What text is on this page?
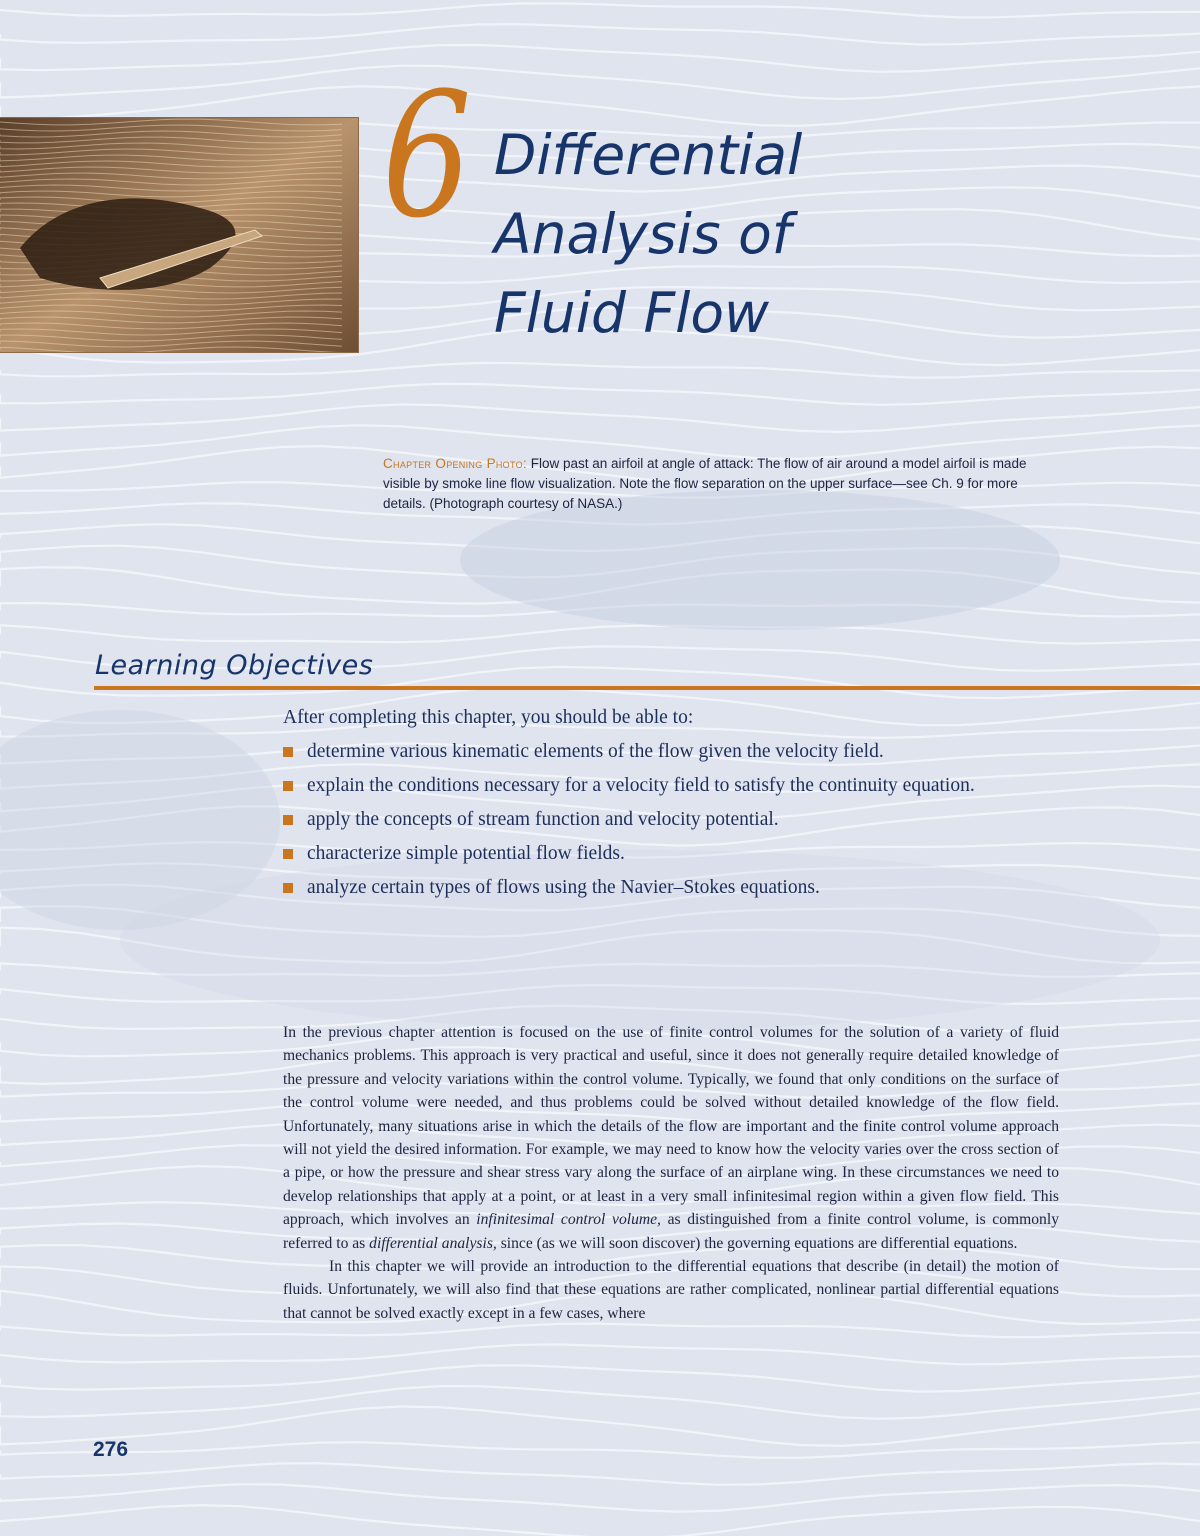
6 Differential
Analysis of
Fluid Flow
Chapter Opening Photo: Flow past an airfoil at angle of attack: The flow of air around a model airfoil is made visible by smoke line flow visualization. Note the flow separation on the upper surface—see Ch. 9 for more details. (Photograph courtesy of NASA.)
Learning Objectives
After completing this chapter, you should be able to:
determine various kinematic elements of the flow given the velocity field.
explain the conditions necessary for a velocity field to satisfy the continuity equation.
apply the concepts of stream function and velocity potential.
characterize simple potential flow fields.
analyze certain types of flows using the Navier–Stokes equations.

In the previous chapter attention is focused on the use of finite control volumes for the solution of a variety of fluid mechanics problems. This approach is very practical and useful, since it does not generally require detailed knowledge of the pressure and velocity variations within the control volume. Typically, we found that only conditions on the surface of the control volume were needed, and thus problems could be solved without detailed knowledge of the flow field. Unfortunately, many situations arise in which the details of the flow are important and the finite control volume approach will not yield the desired information. For example, we may need to know how the velocity varies over the cross section of a pipe, or how the pressure and shear stress vary along the surface of an airplane wing. In these circumstances we need to develop relationships that apply at a point, or at least in a very small infinitesimal region within a given flow field. This approach, which involves an infinitesimal control volume, as distinguished from a finite control volume, is commonly referred to as differential analysis, since (as we will soon discover) the governing equations are differential equations.

In this chapter we will provide an introduction to the differential equations that describe (in detail) the motion of fluids. Unfortunately, we will also find that these equations are rather complicated, nonlinear partial differential equations that cannot be solved exactly except in a few cases, where

276
